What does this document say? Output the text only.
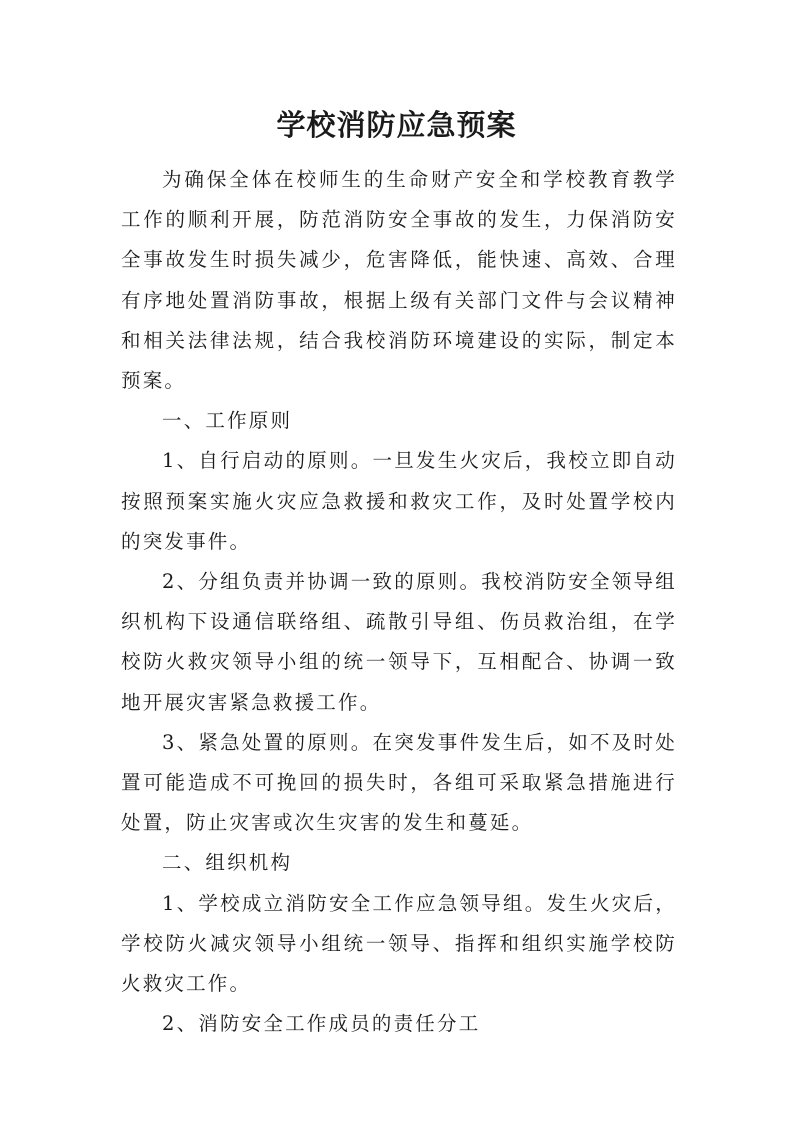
学校消防应急预案

为确保全体在校师生的生命财产安全和学校教育教学工作的顺利开展，防范消防安全事故的发生，力保消防安全事故发生时损失减少，危害降低，能快速、高效、合理有序地处置消防事故，根据上级有关部门文件与会议精神和相关法律法规，结合我校消防环境建设的实际，制定本预案。

一、工作原则

1、自行启动的原则。一旦发生火灾后，我校立即自动按照预案实施火灾应急救援和救灾工作，及时处置学校内的突发事件。

2、分组负责并协调一致的原则。我校消防安全领导组织机构下设通信联络组、疏散引导组、伤员救治组，在学校防火救灾领导小组的统一领导下，互相配合、协调一致地开展灾害紧急救援工作。

3、紧急处置的原则。在突发事件发生后，如不及时处置可能造成不可挽回的损失时，各组可采取紧急措施进行处置，防止灾害或次生灾害的发生和蔓延。

二、组织机构

1、学校成立消防安全工作应急领导组。发生火灾后，学校防火减灾领导小组统一领导、指挥和组织实施学校防火救灾工作。

2、消防安全工作成员的责任分工
